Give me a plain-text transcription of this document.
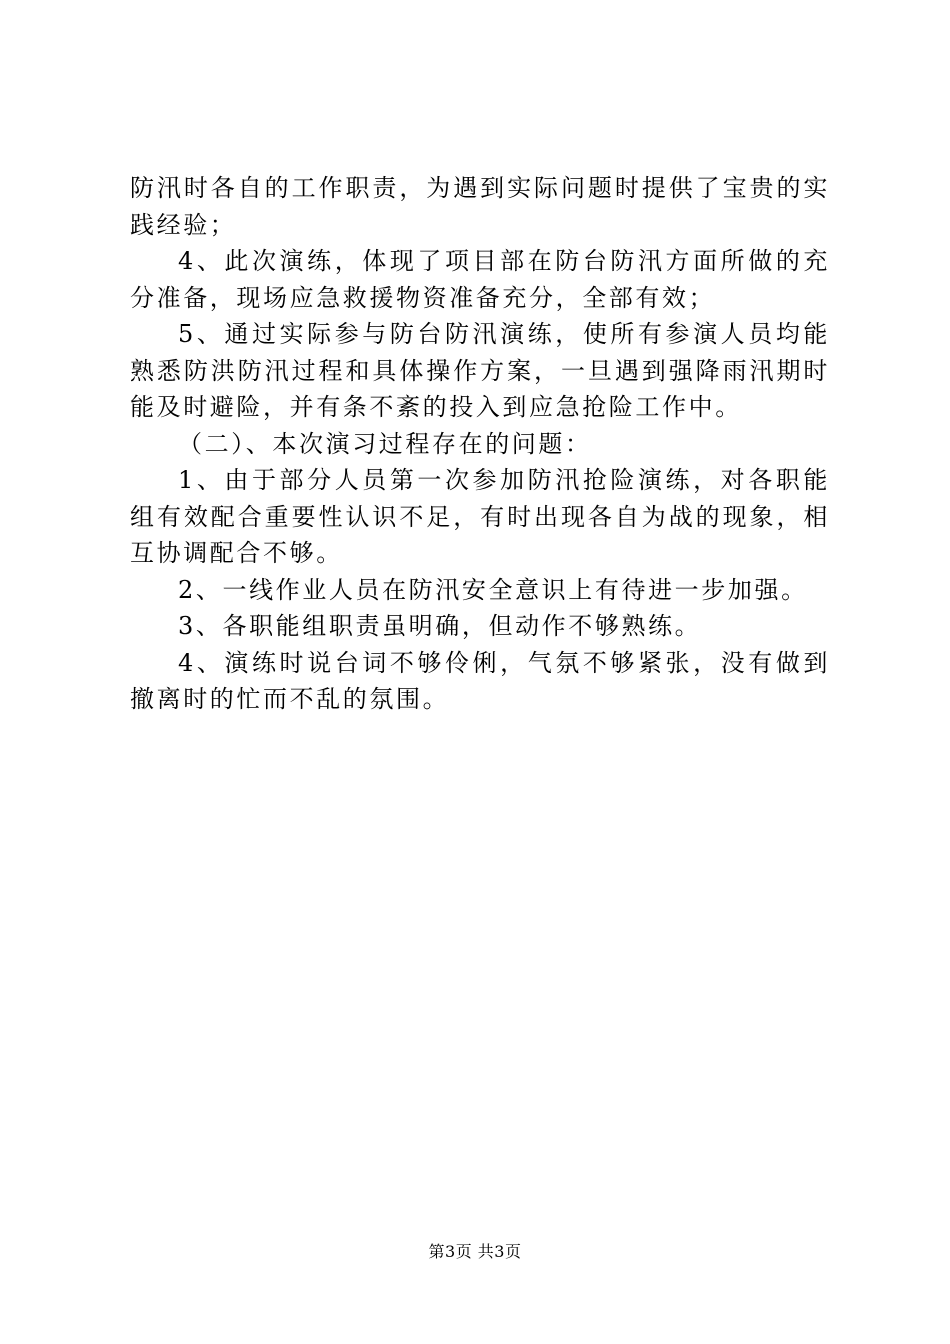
防汛时各自的工作职责，为遇到实际问题时提供了宝贵的实践经验；

4、此次演练，体现了项目部在防台防汛方面所做的充分准备，现场应急救援物资准备充分，全部有效；

5、通过实际参与防台防汛演练，使所有参演人员均能熟悉防洪防汛过程和具体操作方案，一旦遇到强降雨汛期时能及时避险，并有条不紊的投入到应急抢险工作中。

（二）、本次演习过程存在的问题：

1、由于部分人员第一次参加防汛抢险演练，对各职能组有效配合重要性认识不足，有时出现各自为战的现象，相互协调配合不够。

2、一线作业人员在防汛安全意识上有待进一步加强。

3、各职能组职责虽明确，但动作不够熟练。

4、演练时说台词不够伶俐，气氛不够紧张，没有做到撤离时的忙而不乱的氛围。

第3页 共3页
